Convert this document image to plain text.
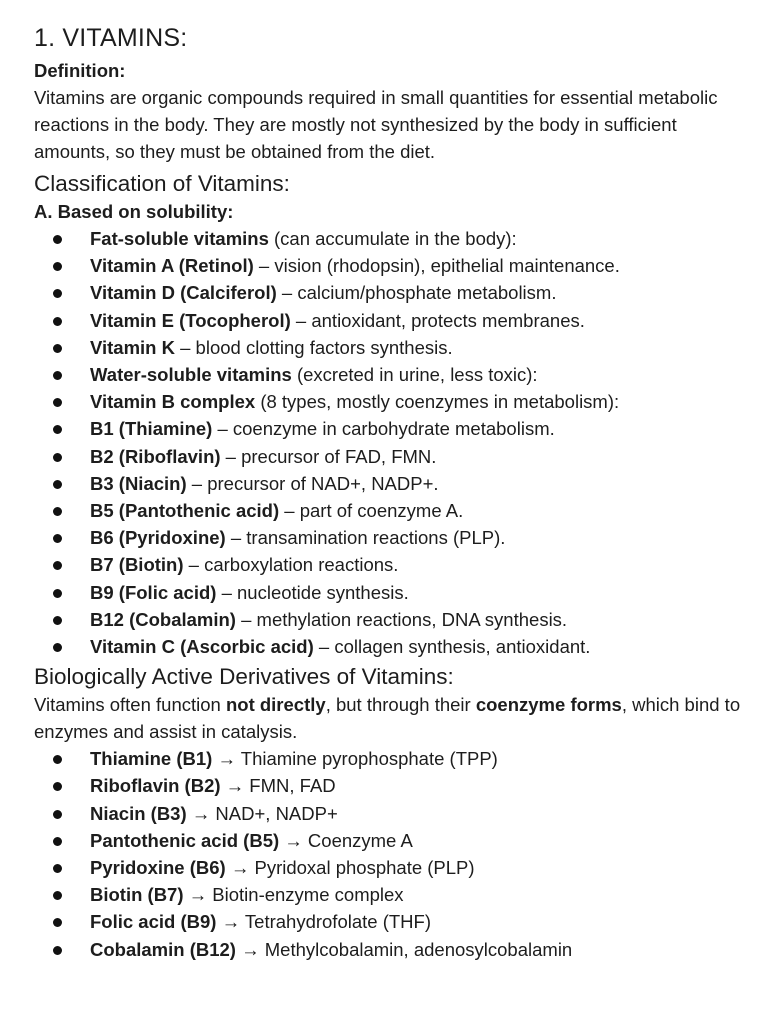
1. VITAMINS:
Definition:

Vitamins are organic compounds required in small quantities for essential metabolic reactions in the body. They are mostly not synthesized by the body in sufficient amounts, so they must be obtained from the diet.

Classification of Vitamins:
A. Based on solubility:
Fat-soluble vitamins (can accumulate in the body):
Vitamin A (Retinol) – vision (rhodopsin), epithelial maintenance.
Vitamin D (Calciferol) – calcium/phosphate metabolism.
Vitamin E (Tocopherol) – antioxidant, protects membranes.
Vitamin K – blood clotting factors synthesis.
Water-soluble vitamins (excreted in urine, less toxic):
Vitamin B complex (8 types, mostly coenzymes in metabolism):
B1 (Thiamine) – coenzyme in carbohydrate metabolism.
B2 (Riboflavin) – precursor of FAD, FMN.
B3 (Niacin) – precursor of NAD+, NADP+.
B5 (Pantothenic acid) – part of coenzyme A.
B6 (Pyridoxine) – transamination reactions (PLP).
B7 (Biotin) – carboxylation reactions.
B9 (Folic acid) – nucleotide synthesis.
B12 (Cobalamin) – methylation reactions, DNA synthesis.
Vitamin C (Ascorbic acid) – collagen synthesis, antioxidant.
Biologically Active Derivatives of Vitamins:

Vitamins often function not directly, but through their coenzyme forms, which bind to enzymes and assist in catalysis.

Thiamine (B1) → Thiamine pyrophosphate (TPP)
Riboflavin (B2) → FMN, FAD
Niacin (B3) → NAD+, NADP+
Pantothenic acid (B5) → Coenzyme A
Pyridoxine (B6) → Pyridoxal phosphate (PLP)
Biotin (B7) → Biotin-enzyme complex
Folic acid (B9) → Tetrahydrofolate (THF)
Cobalamin (B12) → Methylcobalamin, adenosylcobalamin
